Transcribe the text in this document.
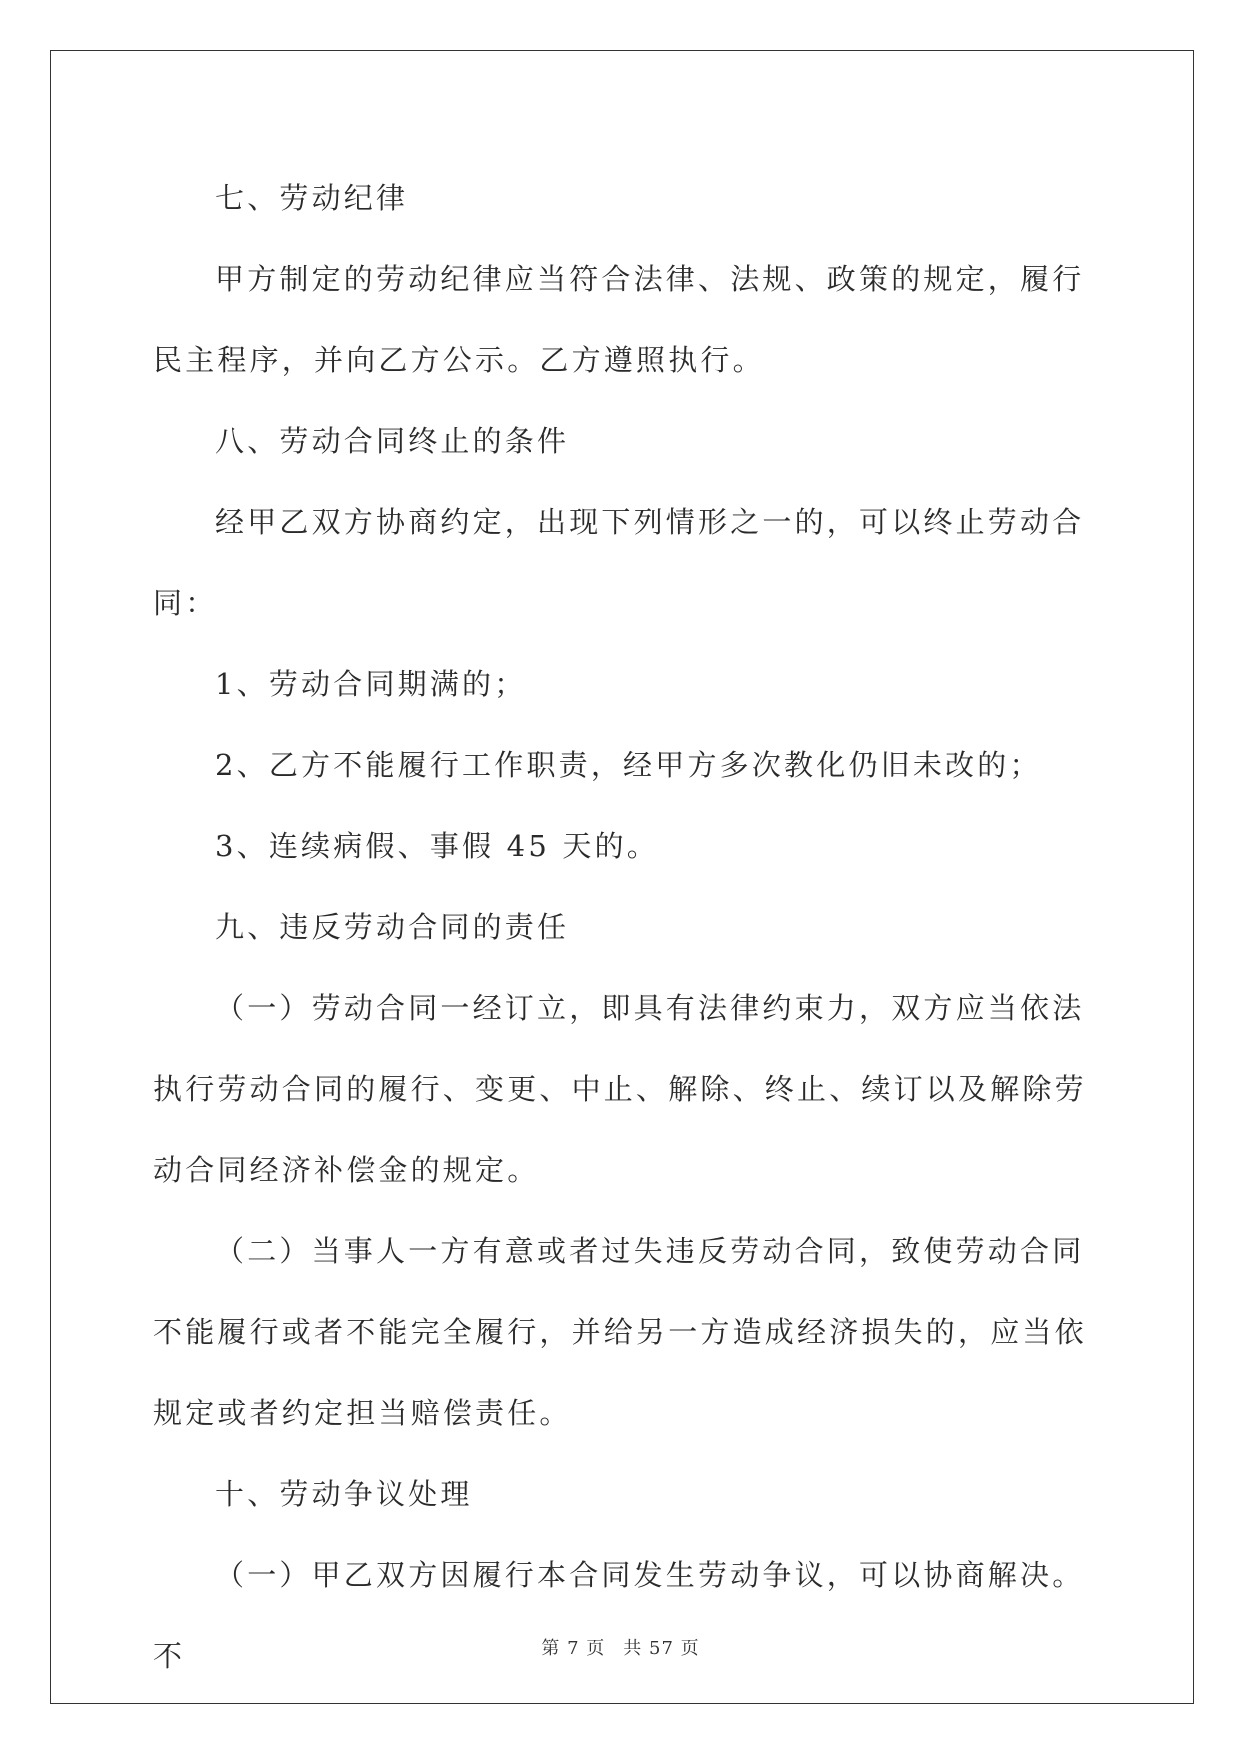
七、劳动纪律

甲方制定的劳动纪律应当符合法律、法规、政策的规定，履行民主程序，并向乙方公示。乙方遵照执行。

八、劳动合同终止的条件

经甲乙双方协商约定，出现下列情形之一的，可以终止劳动合同：

1、劳动合同期满的；

2、乙方不能履行工作职责，经甲方多次教化仍旧未改的；

3、连续病假、事假 45 天的。

九、违反劳动合同的责任

（一）劳动合同一经订立，即具有法律约束力，双方应当依法执行劳动合同的履行、变更、中止、解除、终止、续订以及解除劳动合同经济补偿金的规定。

（二）当事人一方有意或者过失违反劳动合同，致使劳动合同不能履行或者不能完全履行，并给另一方造成经济损失的，应当依规定或者约定担当赔偿责任。

十、劳动争议处理

（一）甲乙双方因履行本合同发生劳动争议，可以协商解决。不	第 7 页 共 57 页
